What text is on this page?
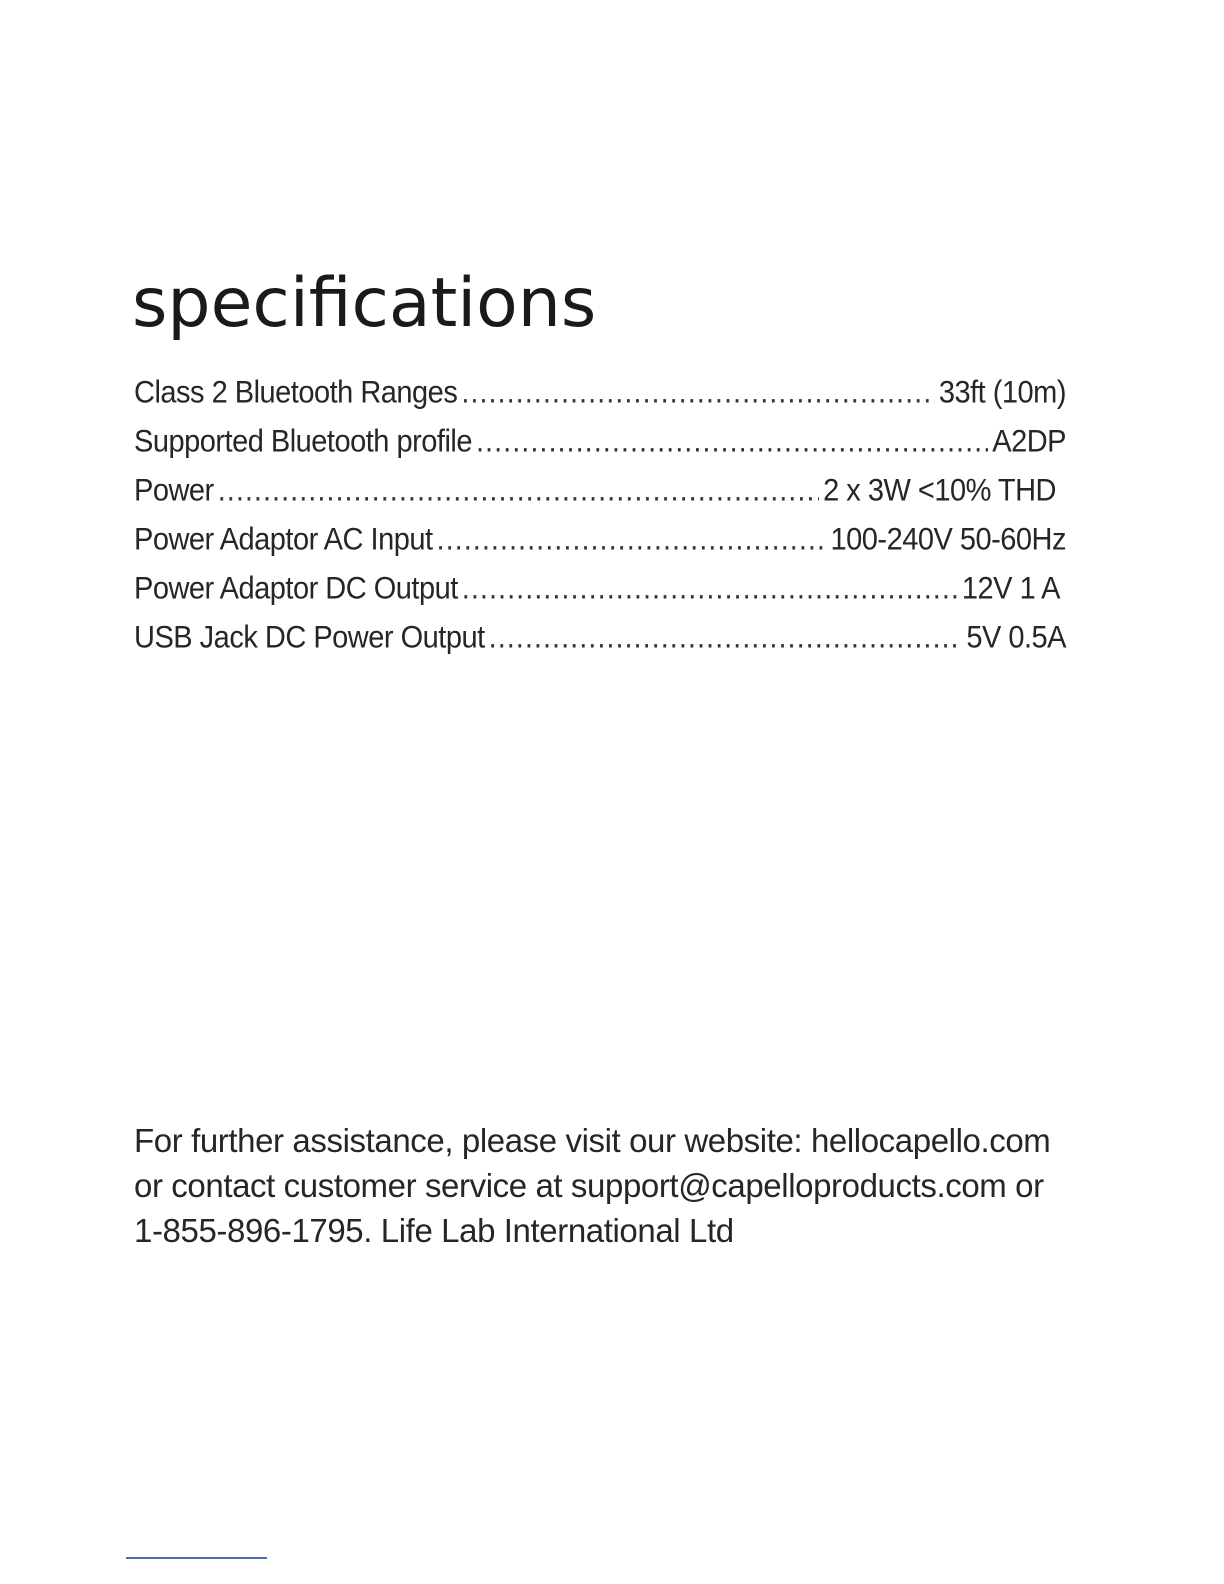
specifications
Class 2 Bluetooth Ranges .....	33ft (10m)
Supported Bluetooth profile .....	A2DP
Power .....	2 x 3W <10% THD
Power Adaptor AC Input .....	100-240V 50-60Hz
Power Adaptor DC Output .....	12V 1 A
USB Jack DC Power Output .....	5V 0.5A

For further assistance, please visit our website: hellocapello.com
or contact customer service at support@capelloproducts.com or
1-855-896-1795. Life Lab International Ltd
